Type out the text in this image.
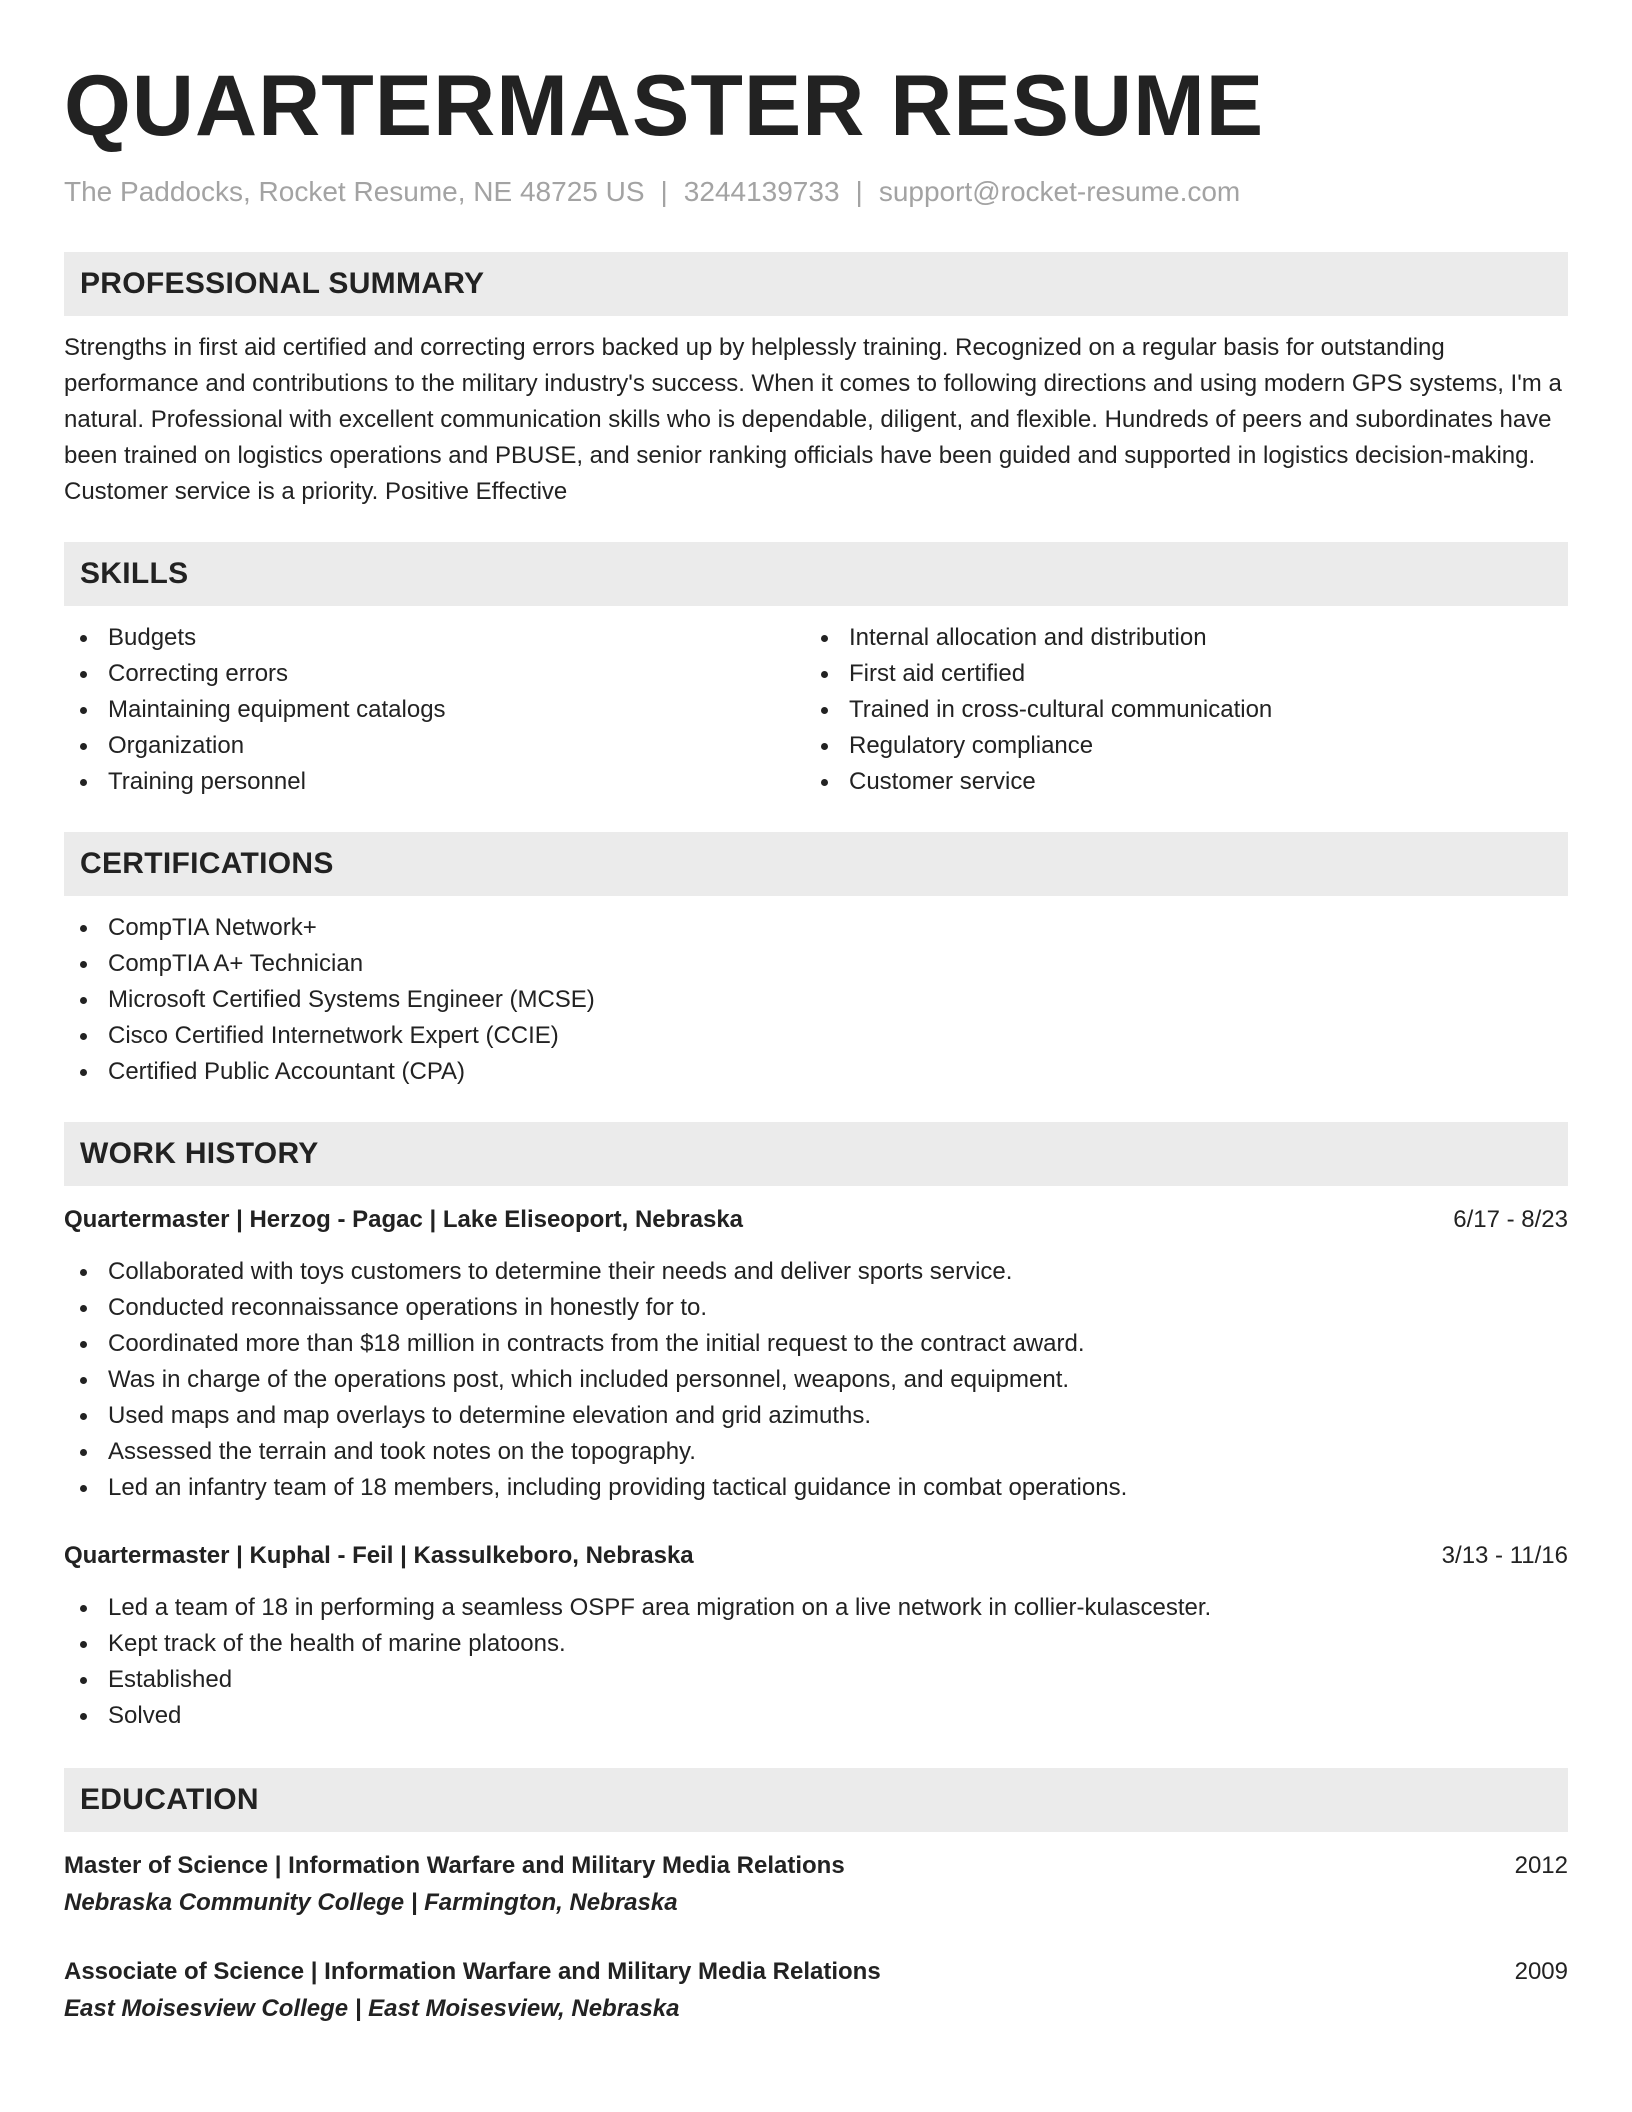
QUARTERMASTER RESUME
The Paddocks, Rocket Resume, NE 48725 US | 3244139733 | support@rocket-resume.com
PROFESSIONAL SUMMARY

Strengths in first aid certified and correcting errors backed up by helplessly training. Recognized on a regular basis for outstanding performance and contributions to the military industry's success. When it comes to following directions and using modern GPS systems, I'm a natural. Professional with excellent communication skills who is dependable, diligent, and flexible. Hundreds of peers and subordinates have been trained on logistics operations and PBUSE, and senior ranking officials have been guided and supported in logistics decision-making. Customer service is a priority. Positive Effective

SKILLS
Budgets
Correcting errors
Maintaining equipment catalogs
Organization
Training personnel
Internal allocation and distribution
First aid certified
Trained in cross-cultural communication
Regulatory compliance
Customer service
CERTIFICATIONS
CompTIA Network+
CompTIA A+ Technician
Microsoft Certified Systems Engineer (MCSE)
Cisco Certified Internetwork Expert (CCIE)
Certified Public Accountant (CPA)
WORK HISTORY
Quartermaster | Herzog - Pagac | Lake Eliseoport, Nebraska	6/17 - 8/23
Collaborated with toys customers to determine their needs and deliver sports service.
Conducted reconnaissance operations in honestly for to.
Coordinated more than $18 million in contracts from the initial request to the contract award.
Was in charge of the operations post, which included personnel, weapons, and equipment.
Used maps and map overlays to determine elevation and grid azimuths.
Assessed the terrain and took notes on the topography.
Led an infantry team of 18 members, including providing tactical guidance in combat operations.
Quartermaster | Kuphal - Feil | Kassulkeboro, Nebraska	3/13 - 11/16
Led a team of 18 in performing a seamless OSPF area migration on a live network in collier-kulascester.
Kept track of the health of marine platoons.
Established
Solved
EDUCATION
Master of Science | Information Warfare and Military Media Relations	2012
Nebraska Community College | Farmington, Nebraska
Associate of Science | Information Warfare and Military Media Relations	2009
East Moisesview College | East Moisesview, Nebraska
